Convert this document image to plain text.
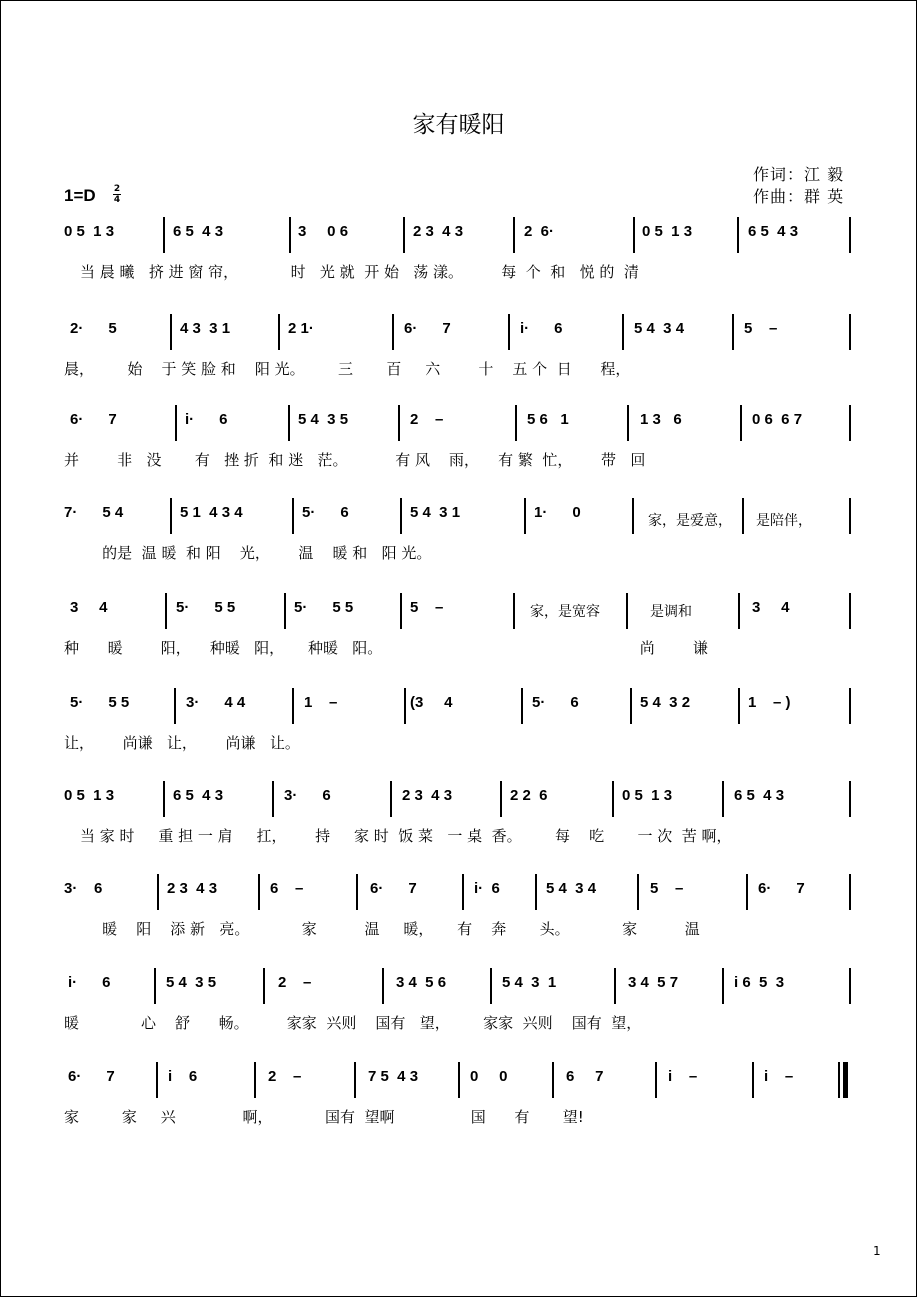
家有暖阳
作词：江 毅
作曲：群 英
1=D 2
4
0 5  1 3	6 5  4 3	3     0 6	2 3  4 3	2  6·	0 5  1 3	6 5  4 3
当 晨 曦   挤 进 窗 帘，           时   光 就  开 始   荡 漾。        每  个  和   悦 的  清
2·      5	4 3  3 1	2 1·	6·      7	i·      6	5 4  3 4	5    –
晨，       始    于 笑 脸 和    阳 光。       三       百     六        十    五 个  日      程，
6·      7	i·      6	5 4  3 5	2    –	5 6   1	1 3   6	0 6  6 7
并        非   没       有   挫 折  和 迷   茫。          有 风    雨，    有 繁  忙，      带   回
7·      5 4	5 1  4 3 4	5·      6	5 4  3 1	1·      0	家，是爱意， 是陪伴，
的是  温 暖  和 阳    光，      温    暖 和   阳 光。
3     4	5·      5 5	5·      5 5	5    –	家，是宽容	是调和	3     4
种      暖        阳，    种暖   阳，     种暖   阳。                                                      尚        谦
5·      5 5	3·      4 4	1    –	(3     4	5·      6	5 4  3 2	1    – )
让，      尚谦   让，      尚谦   让。
0 5  1 3	6 5  4 3	3·      6	2 3  4 3	2 2  6	0 5  1 3	6 5  4 3
当 家 时     重 担 一 肩     扛，      持     家 时  饭 菜   一 桌  香。       每    吃       一 次  苦 啊，
3·    6	2 3  4 3	6    –	6·      7	i·  6	5 4  3 4	5    –	6·      7
暖    阳    添 新   亮。           家          温     暖，     有    奔       头。           家          温
i·      6	5 4  3 5	2    –	3 4  5 6	5 4  3  1	3 4  5 7	i 6  5  3
暖             心    舒      畅。        家家  兴则    国有   望，       家家  兴则    国有  望，
6·      7	i    6	2    –	7 5  4 3	0     0	6     7	i    –	i    –
家         家     兴              啊，           国有  望啊                国      有       望!
1
